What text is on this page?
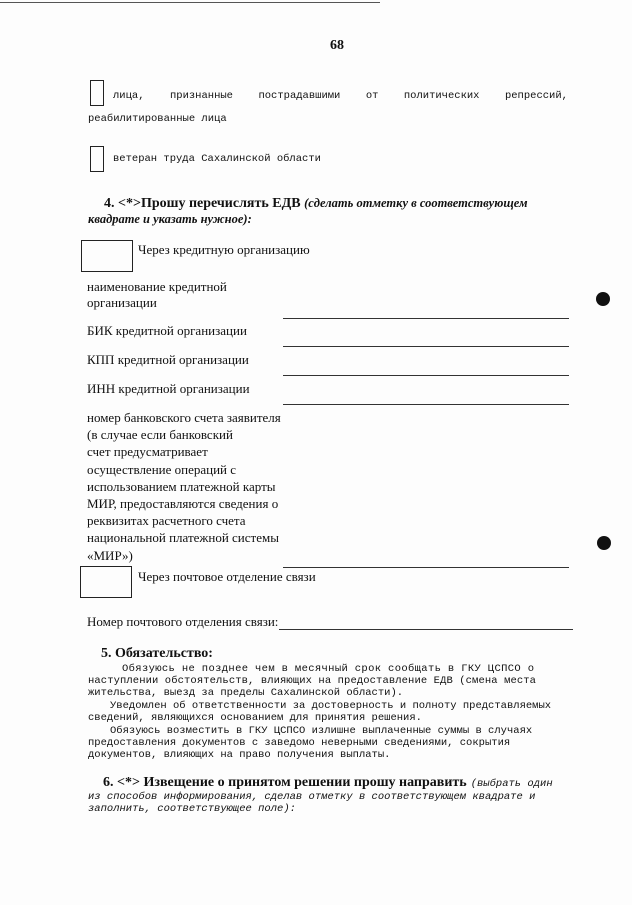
68
лица, признанные пострадавшими от политических репрессий,
реабилитированные лица
ветеран труда Сахалинской области
4. <*>Прошу перечислять ЕДВ (сделать отметку в соответствующем
квадрате и указать нужное):
Через кредитную организацию
наименование кредитной
организации
БИК кредитной организации
КПП кредитной организации
ИНН кредитной организации
номер банковского счета заявителя
(в случае если банковский
счет предусматривает
осуществление операций с
использованием платежной карты
МИР, предоставляются сведения о
реквизитах расчетного счета
национальной платежной системы
«МИР»)
Через почтовое отделение связи
Номер почтового отделения связи:
5. Обязательство:
Обязуюсь не позднее чем в месячный срок сообщать в ГКУ ЦСПСО о
наступлении обстоятельств, влияющих на предоставление ЕДВ (смена места
жительства, выезд за пределы Сахалинской области).
Уведомлен об ответственности за достоверность и полноту представляемых
сведений, являющихся основанием для принятия решения.
Обязуюсь возместить в ГКУ ЦСПСО излишне выплаченные суммы в случаях
предоставления документов с заведомо неверными сведениями, сокрытия
документов, влияющих на право получения выплаты.
6. <*> Извещение о принятом решении прошу направить (выбрать один
из способов информирования, сделав отметку в соответствующем квадрате и
заполнить, соответствующее поле):
